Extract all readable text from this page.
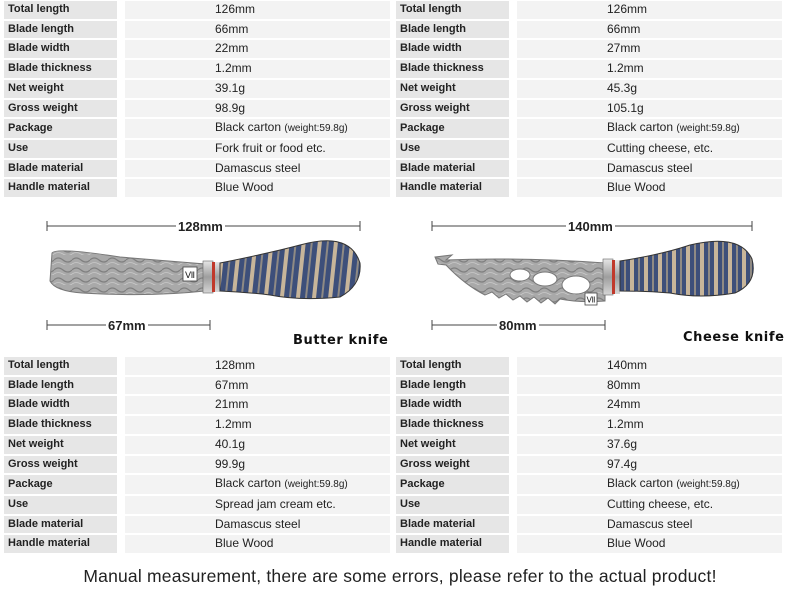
Total length	126mm
Blade length	66mm
Blade width	22mm
Blade thickness	1.2mm
Net weight	39.1g
Gross weight	98.9g
Package	Black carton (weight:59.8g)
Use	Fork fruit or food etc.
Blade material	Damascus steel
Handle material	Blue Wood
Total length	126mm
Blade length	66mm
Blade width	27mm
Blade thickness	1.2mm
Net weight	45.3g
Gross weight	105.1g
Package	Black carton (weight:59.8g)
Use	Cutting cheese, etc.
Blade material	Damascus steel
Handle material	Blue Wood
Ⅶ
Ⅶ
128mm
67mm
Butter knife
140mm
80mm
Cheese knife
Total length	128mm
Blade length	67mm
Blade width	21mm
Blade thickness	1.2mm
Net weight	40.1g
Gross weight	99.9g
Package	Black carton (weight:59.8g)
Use	Spread jam cream etc.
Blade material	Damascus steel
Handle material	Blue Wood
Total length	140mm
Blade length	80mm
Blade width	24mm
Blade thickness	1.2mm
Net weight	37.6g
Gross weight	97.4g
Package	Black carton (weight:59.8g)
Use	Cutting cheese, etc.
Blade material	Damascus steel
Handle material	Blue Wood
Manual measurement, there are some errors, please refer to the actual product!
